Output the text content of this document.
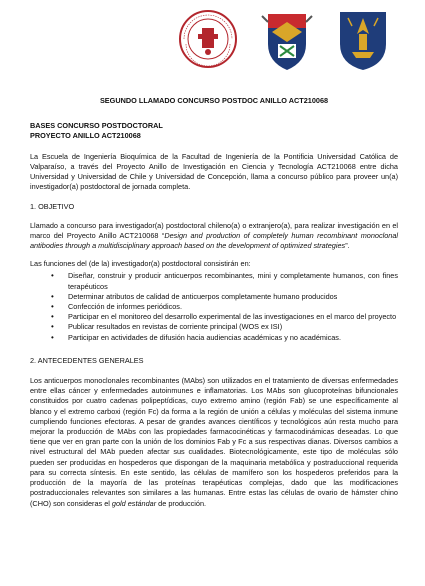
SEGUNDO LLAMADO CONCURSO POSTDOC ANILLO ACT210068

BASES CONCURSO POSTDOCTORAL

PROYECTO ANILLO ACT210068

La Escuela de Ingeniería Bioquímica de la Facultad de Ingeniería de la Pontificia Universidad Católica de Valparaíso, a través del Proyecto Anillo de Investigación en Ciencia y Tecnología ACT210068 entre dicha Universidad y Universidad de Chile y Universidad de Concepción, llama a concurso público para proveer un(a) investigador(a) postdoctoral de jornada completa.

1. OBJETIVO

Llamado a concurso para investigador(a) postdoctoral chileno(a) o extranjero(a), para realizar investigación en el marco del Proyecto Anillo ACT210068 “Design and production of completely human recombinant monoclonal antibodies through a multidisciplinary approach based on the development of optimized strategies”.

Las funciones del (de la) investigador(a) postdoctoral consistirán en:

• Diseñar, construir y producir anticuerpos recombinantes, mini y completamente humanos, con fines terapéuticos
• Determinar atributos de calidad de anticuerpos completamente humano producidos
• Confección de informes periódicos.
• Participar en el monitoreo del desarrollo experimental de las investigaciones en el marco del proyecto
• Publicar resultados en revistas de corriente principal (WOS ex ISI)
• Participar en actividades de difusión hacia audiencias académicas y no académicas.

2. ANTECEDENTES GENERALES

Los anticuerpos monoclonales recombinantes (MAbs) son utilizados en el tratamiento de diversas enfermedades entre ellas cáncer y enfermedades autoinmunes e inflamatorias. Los MAbs son glucoproteínas bifuncionales constituidos por cuatro cadenas polipeptídicas, cuyo extremo amino (región Fab) se une específicamente al blanco y el extremo carboxi (región Fc) da forma a la región de unión a células y moléculas del sistema inmune cumpliendo funciones efectoras. A pesar de grandes avances científicos y tecnológicos aún resta mucho para mejorar la producción de MAbs con las propiedades farmacocinéticas y farmacodinámicas deseadas. Lo que tiene que ver en gran parte con la unión de los dominios Fab y Fc a sus respectivas dianas. Diversos cambios a nivel estructural del MAb pueden afectar sus cualidades. Biotecnológicamente, este tipo de moléculas sólo pueden ser producidas en hospederos que dispongan de la maquinaria metabólica y postraduccional requerida para su correcta síntesis. En este sentido, las células de mamífero son los hospederos preferidos para la producción de la mayoría de las proteínas terapéuticas complejas, dado que las modificaciones postraduccionales relevantes son similares a las humanas. Entre estas las células de ovario de hámster chino (CHO) son consideras el gold estándar de producción.
